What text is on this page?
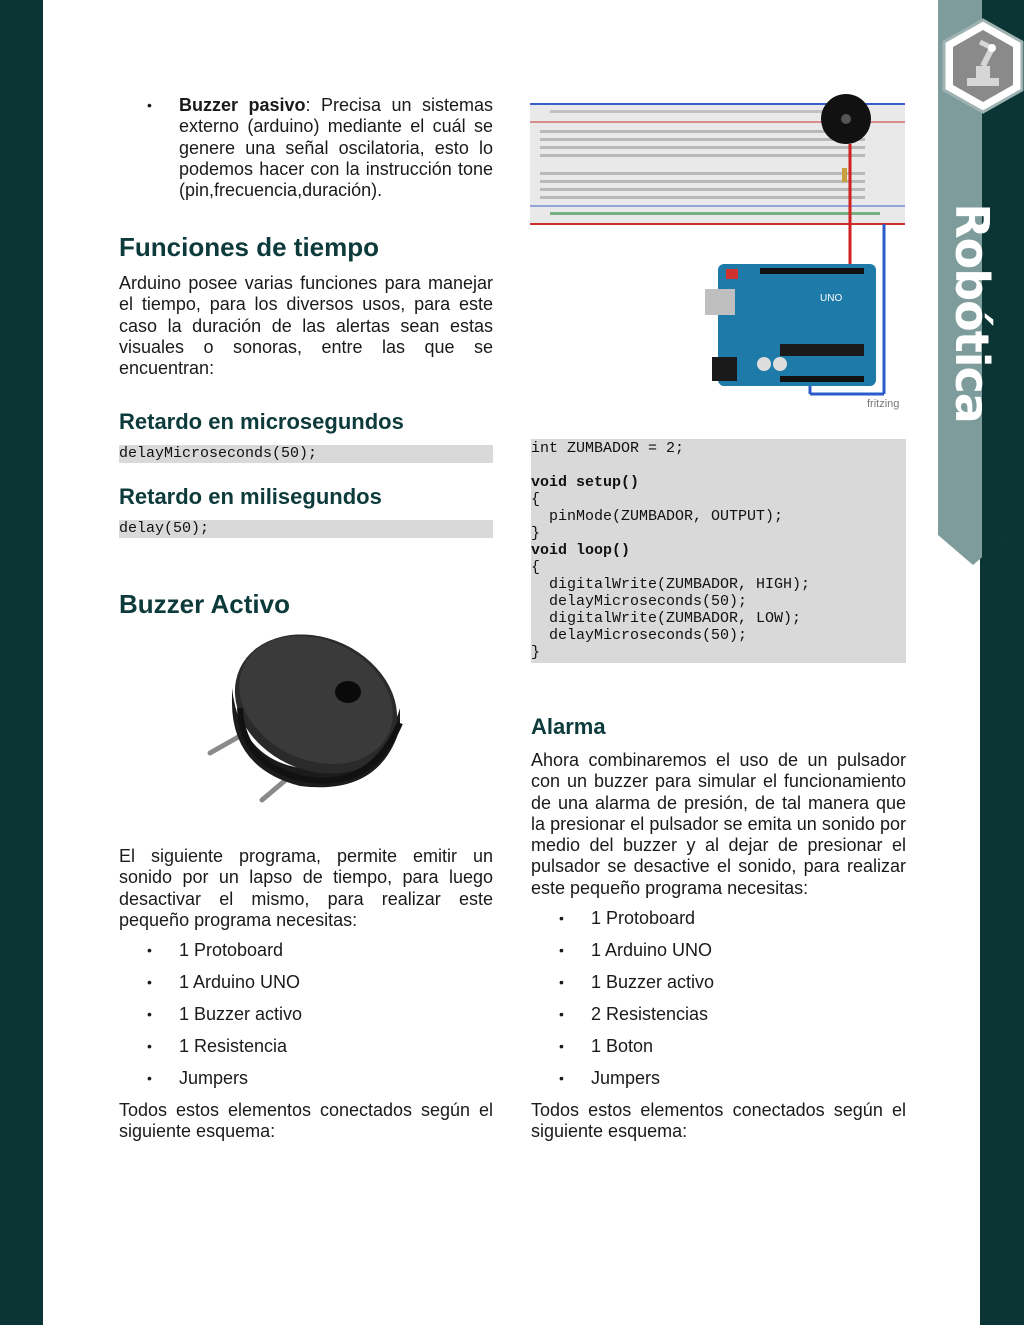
Robótica
• Buzzer pasivo: Precisa un sistemas externo (arduino) mediante el cuál se genere una señal oscilatoria, esto lo podemos hacer con la instrucción tone (pin,frecuencia,duración).
Funciones de tiempo

Arduino posee varias funciones para manejar el tiempo, para los diversos usos, para este caso la duración de las alertas sean estas visuales o sonoras, entre las que se encuentran:

Retardo en microsegundos
delayMicroseconds(50);
Retardo en milisegundos
delay(50);
Buzzer Activo

El siguiente programa, permite emitir un sonido por un lapso de tiempo, para luego desactivar el mismo, para realizar este pequeño programa necesitas:

• 1 Protoboard
• 1 Arduino UNO
• 1 Buzzer activo
• 1 Resistencia
• Jumpers

Todos estos elementos conectados según el siguiente esquema:

UNO
fritzing
int ZUMBADOR = 2;
void setup()
{
pinMode(ZUMBADOR, OUTPUT);
}
void loop()
{
digitalWrite(ZUMBADOR, HIGH);
delayMicroseconds(50);
digitalWrite(ZUMBADOR, LOW);
delayMicroseconds(50);
}
Alarma

Ahora combinaremos el uso de un pulsador con un buzzer para simular el funcionamiento de una alarma de presión, de tal manera que la presionar el pulsador se emita un sonido por medio del buzzer y al dejar de presionar el pulsador se desactive el sonido, para realizar este pequeño programa necesitas:

• 1 Protoboard
• 1 Arduino UNO
• 1 Buzzer activo
• 2 Resistencias
• 1 Boton
• Jumpers

Todos estos elementos conectados según el siguiente esquema:
